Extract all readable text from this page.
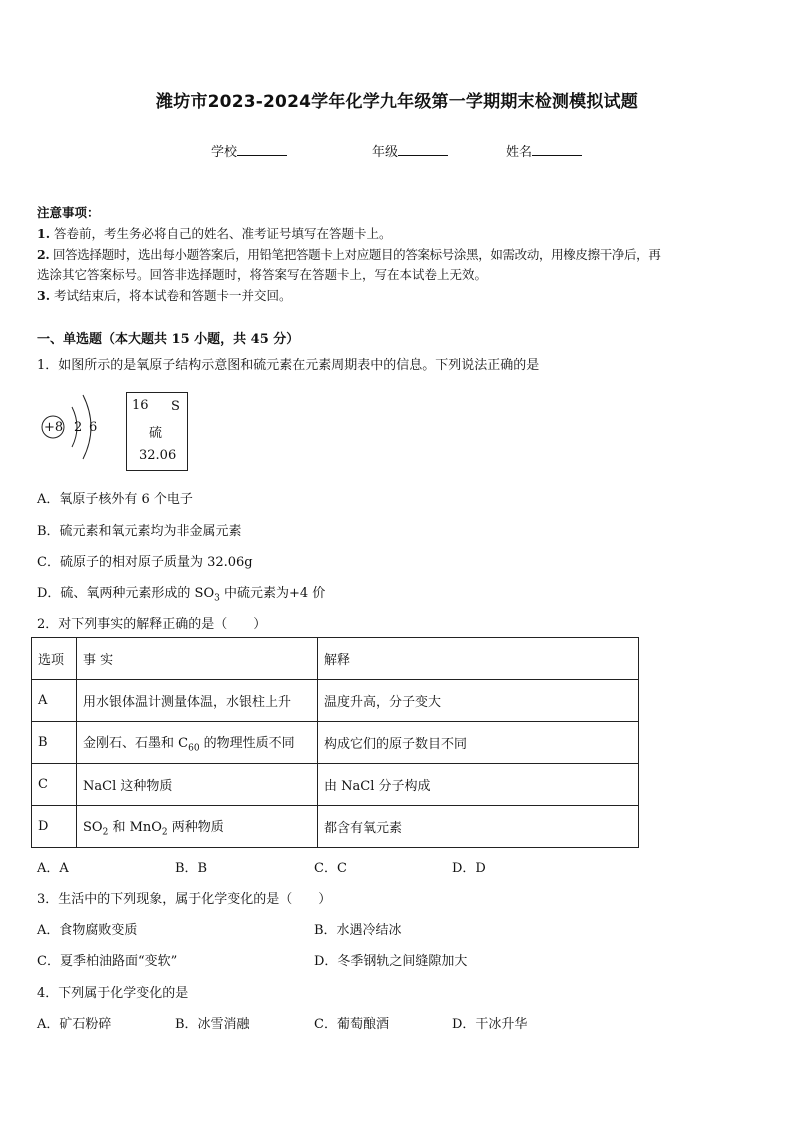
潍坊市2023-2024学年化学九年级第一学期期末检测模拟试题
学校	年级	姓名
注意事项：
1. 答卷前，考生务必将自己的姓名、准考证号填写在答题卡上。
2. 回答选择题时，选出每小题答案后，用铅笔把答题卡上对应题目的答案标号涂黑，如需改动，用橡皮擦干净后，再
选涂其它答案标号。回答非选择题时，将答案写在答题卡上，写在本试卷上无效。
3. 考试结束后，将本试卷和答题卡一并交回。
一、单选题（本大题共 15 小题，共 45 分）
1．如图所示的是氧原子结构示意图和硫元素在元素周期表中的信息。下列说法正确的是
+8 2 6
16 S
硫
32.06
A．氧原子核外有 6 个电子
B．硫元素和氧元素均为非金属元素
C．硫原子的相对原子质量为 32.06g
D．硫、氧两种元素形成的 $SO_3$ 中硫元素为+4 价
2．对下列事实的解释正确的是（　　）
选项	事 实	解释
A	用水银体温计测量体温，水银柱上升	温度升高，分子变大
B	金刚石、石墨和 $C_{60}$ 的物理性质不同	构成它们的原子数目不同
C	NaCl 这种物质	由 NaCl 分子构成
D	$SO_2$ 和 MnO$_2$ 两种物质	都含有氧元素
A．A	B．B	C．C	D．D
3．生活中的下列现象，属于化学变化的是（　　）
A．食物腐败变质	B．水遇冷结冰
C．夏季柏油路面“变软”	D．冬季钢轨之间缝隙加大
4．下列属于化学变化的是
A．矿石粉碎	B．冰雪消融	C．葡萄酿酒	D．干冰升华
